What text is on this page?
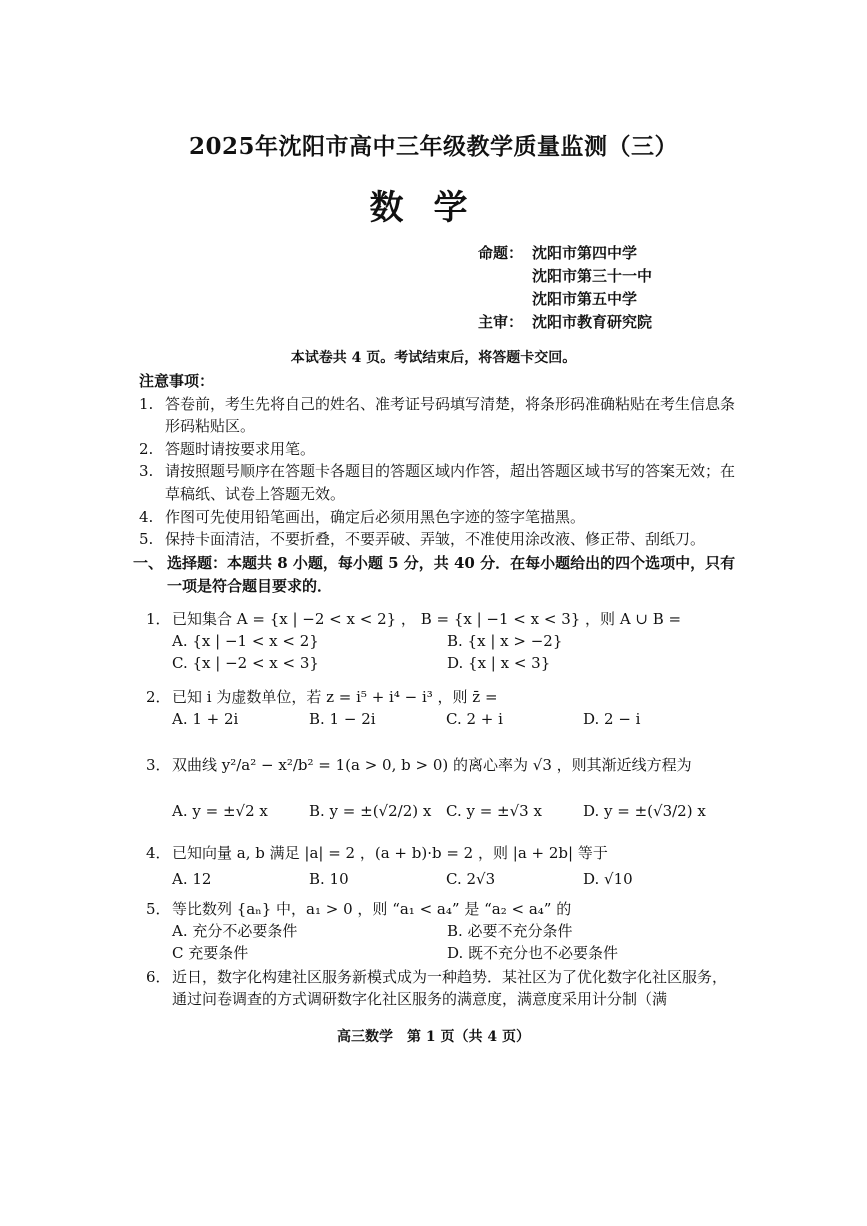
2025年沈阳市高中三年级教学质量监测（三）
数学
命题： 沈阳市第四中学
沈阳市第三十一中
沈阳市第五中学
主审： 沈阳市教育研究院
本试卷共 4 页。考试结束后，将答题卡交回。
注意事项：
1. 答卷前，考生先将自己的姓名、准考证号码填写清楚，将条形码准确粘贴在考生信息条形码粘贴区。
2. 答题时请按要求用笔。
3. 请按照题号顺序在答题卡各题目的答题区域内作答，超出答题区域书写的答案无效；在草稿纸、试卷上答题无效。
4. 作图可先使用铅笔画出，确定后必须用黑色字迹的签字笔描黑。
5. 保持卡面清洁，不要折叠，不要弄破、弄皱，不准使用涂改液、修正带、刮纸刀。
一、 选择题：本题共 8 小题，每小题 5 分，共 40 分．在每小题给出的四个选项中，只有一项是符合题目要求的．
1． 已知集合 A = {x | −2 < x < 2} ， B = {x | −1 < x < 3} ，则 A ∪ B =
A. {x | −1 < x < 2}	B. {x | x > −2}
C. {x | −2 < x < 3}	D. {x | x < 3}
2． 已知 i 为虚数单位，若 z = i⁵ + i⁴ − i³ ，则 z̄ =
A. 1 + 2i	B. 1 − 2i	C. 2 + i	D. 2 − i
3． 双曲线 y²/a² − x²/b² = 1(a > 0, b > 0) 的离心率为 √3 ，则其渐近线方程为
A. y = ±√2 x	B. y = ±(√2/2) x C. y = ±√3 x	D. y = ±(√3/2) x
4． 已知向量 a, b 满足 |a| = 2 ，(a + b)·b = 2 ，则 |a + 2b| 等于
A. 12	B. 10	C. 2√3	D. √10
5． 等比数列 {aₙ} 中，a₁ > 0 ，则 “a₁ < a₄” 是 “a₂ < a₄” 的
A. 充分不必要条件	B. 必要不充分条件
C 充要条件	D. 既不充分也不必要条件
6． 近日，数字化构建社区服务新模式成为一种趋势．某社区为了优化数字化社区服务，通过问卷调查的方式调研数字化社区服务的满意度，满意度采用计分制（满
高三数学　第 1 页（共 4 页）
